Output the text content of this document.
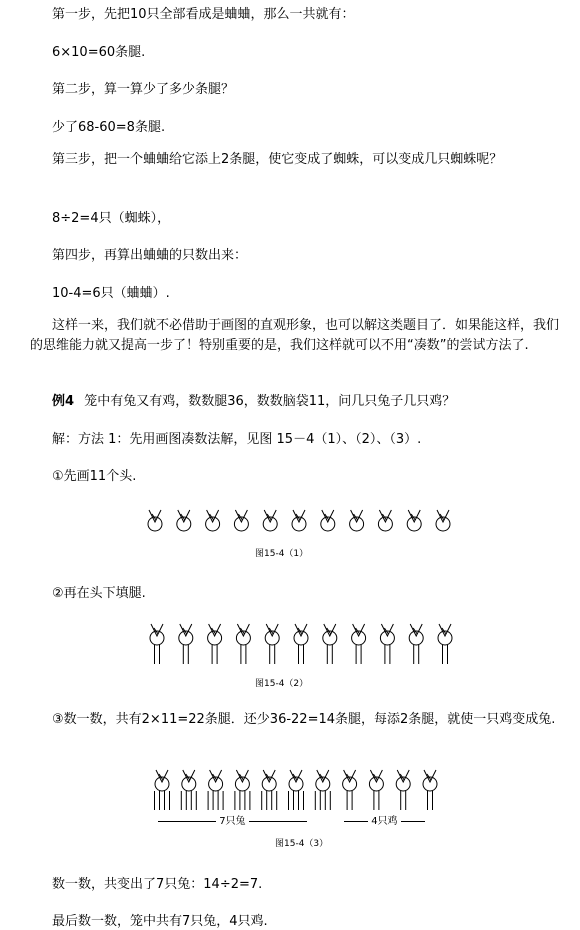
第一步，先把10只全部看成是蛐蛐，那么一共就有：
6×10=60条腿.
第二步，算一算少了多少条腿？
少了68-60=8条腿.
第三步，把一个蛐蛐给它添上2条腿，使它变成了蜘蛛，可以变成几只蜘蛛呢？
8÷2=4只（蜘蛛），
第四步，再算出蛐蛐的只数出来：
10-4=6只（蛐蛐）.
这样一来，我们就不必借助于画图的直观形象，也可以解这类题目了．如果能这样，我们的思维能力就又提高一步了！特别重要的是，我们这样就可以不用“凑数”的尝试方法了.
例4 笼中有兔又有鸡，数数腿36，数数脑袋11，问几只兔子几只鸡？
解：方法 1：先用画图凑数法解，见图 15－4（1）、（2）、（3）.
①先画11个头.
图15-4（1）
②再在头下填腿.
图15-4（2）
③数一数，共有2×11=22条腿．还少36-22=14条腿，每添2条腿，就使一只鸡变成兔.
7只兔	4只鸡
图15-4（3）
数一数，共变出了7只兔：14÷2=7.
最后数一数，笼中共有7只兔，4只鸡.
